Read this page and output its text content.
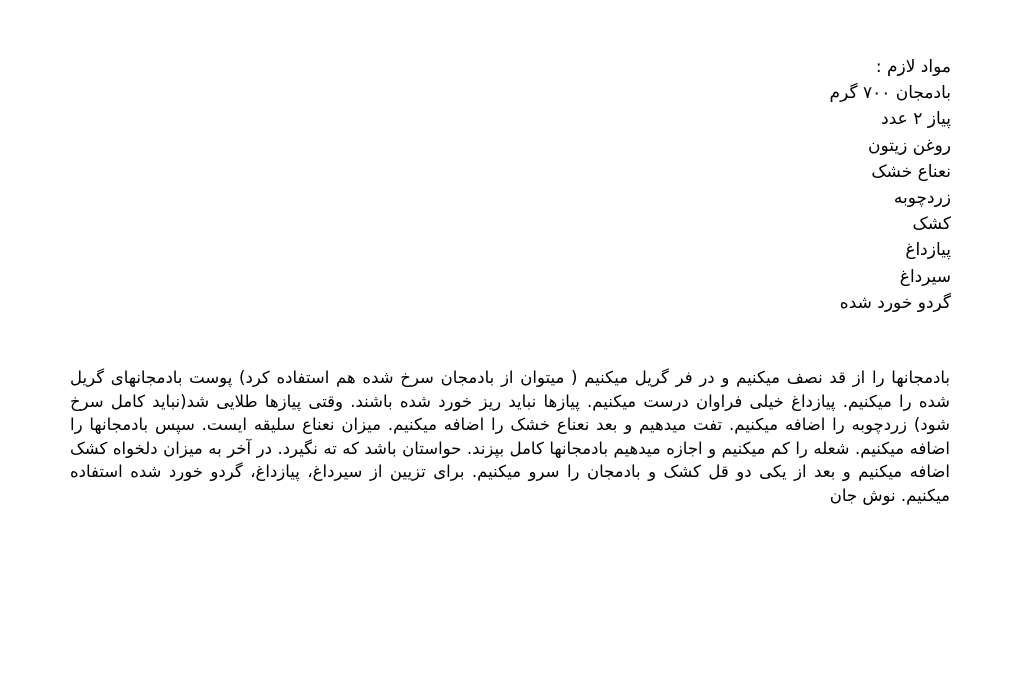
مواد لازم :
بادمجان ۷۰۰ گرم
پیاز ۲ عدد
روغن زیتون
نعناع خشک
زردچوبه
کشک
پیازداغ
سیرداغ
گردو خورد شده

بادمجانها را از قد نصف میکنیم و در فر گریل میکنیم ( میتوان از بادمجان سرخ شده هم استفاده کرد) پوست بادمجانهای گریل شده را میکنیم. پیازداغ خیلی فراوان درست میکنیم. پیازها نباید ریز خورد شده باشند. وقتی پیازها طلایی شد(نباید کامل سرخ شود) زردچوبه را اضافه میکنیم. تفت میدهیم و بعد نعناع خشک را اضافه میکنیم. میزان نعناع سلیقه ایست. سپس بادمجانها را اضافه میکنیم. شعله را کم میکنیم و اجازه میدهیم بادمجانها کامل بپزند. حواستان باشد که ته نگیرد. در آخر به میزان دلخواه کشک اضافه میکنیم و بعد از یکی دو قل کشک و بادمجان را سرو میکنیم. برای تزیین از سیرداغ، پیازداغ، گردو خورد شده استفاده میکنیم. نوش جان
